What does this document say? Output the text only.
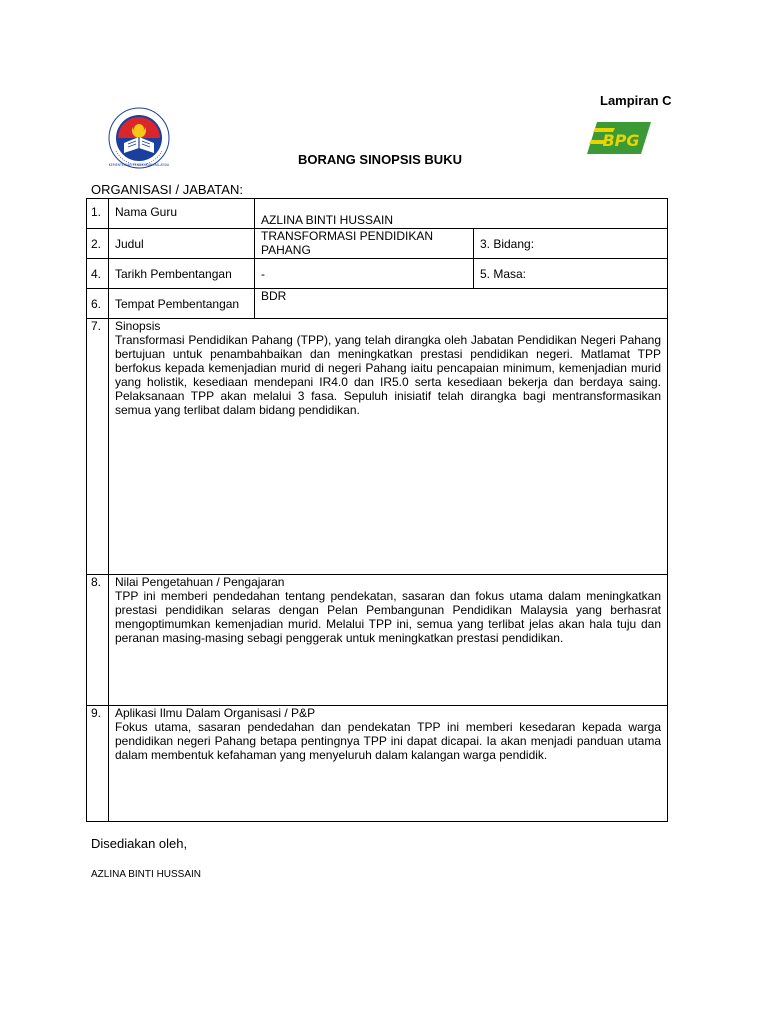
Lampiran C
KEMENTERIAN PENDIDIKAN MALAYSIA
BPG
BORANG SINOPSIS BUKU
ORGANISASI / JABATAN:
1.	Nama Guru	AZLINA BINTI HUSSAIN	
2.	Judul	TRANSFORMASI PENDIDIKAN PAHANG	3. Bidang:
4.	Tarikh Pembentangan	-	5. Masa:
6.	Tempat Pembentangan	BDR	
7.	Sinopsis
Transformasi Pendidikan Pahang (TPP), yang telah dirangka oleh Jabatan Pendidikan Negeri Pahang bertujuan untuk penambahbaikan dan meningkatkan prestasi pendidikan negeri. Matlamat TPP berfokus kepada kemenjadian murid di negeri Pahang iaitu pencapaian minimum, kemenjadian murid yang holistik, kesediaan mendepani IR4.0 dan IR5.0 serta kesediaan bekerja dan berdaya saing. Pelaksanaan TPP akan melalui 3 fasa. Sepuluh inisiatif telah dirangka bagi mentransformasikan semua yang terlibat dalam bidang pendidikan.		

8.	Nilai Pengetahuan / Pengajaran
TPP ini memberi pendedahan tentang pendekatan, sasaran dan fokus utama dalam meningkatkan prestasi pendidikan selaras dengan Pelan Pembangunan Pendidikan Malaysia yang berhasrat mengoptimumkan kemenjadian murid. Melalui TPP ini, semua yang terlibat jelas akan hala tuju dan peranan masing-masing sebagi penggerak untuk meningkatkan prestasi pendidikan.		

9.	Aplikasi Ilmu Dalam Organisasi / P&P
Fokus utama, sasaran pendedahan dan pendekatan TPP ini memberi kesedaran kepada warga pendidikan negeri Pahang betapa pentingnya TPP ini dapat dicapai. Ia akan menjadi panduan utama dalam membentuk kefahaman yang menyeluruh dalam kalangan warga pendidik.		
Disediakan oleh,
AZLINA BINTI HUSSAIN
